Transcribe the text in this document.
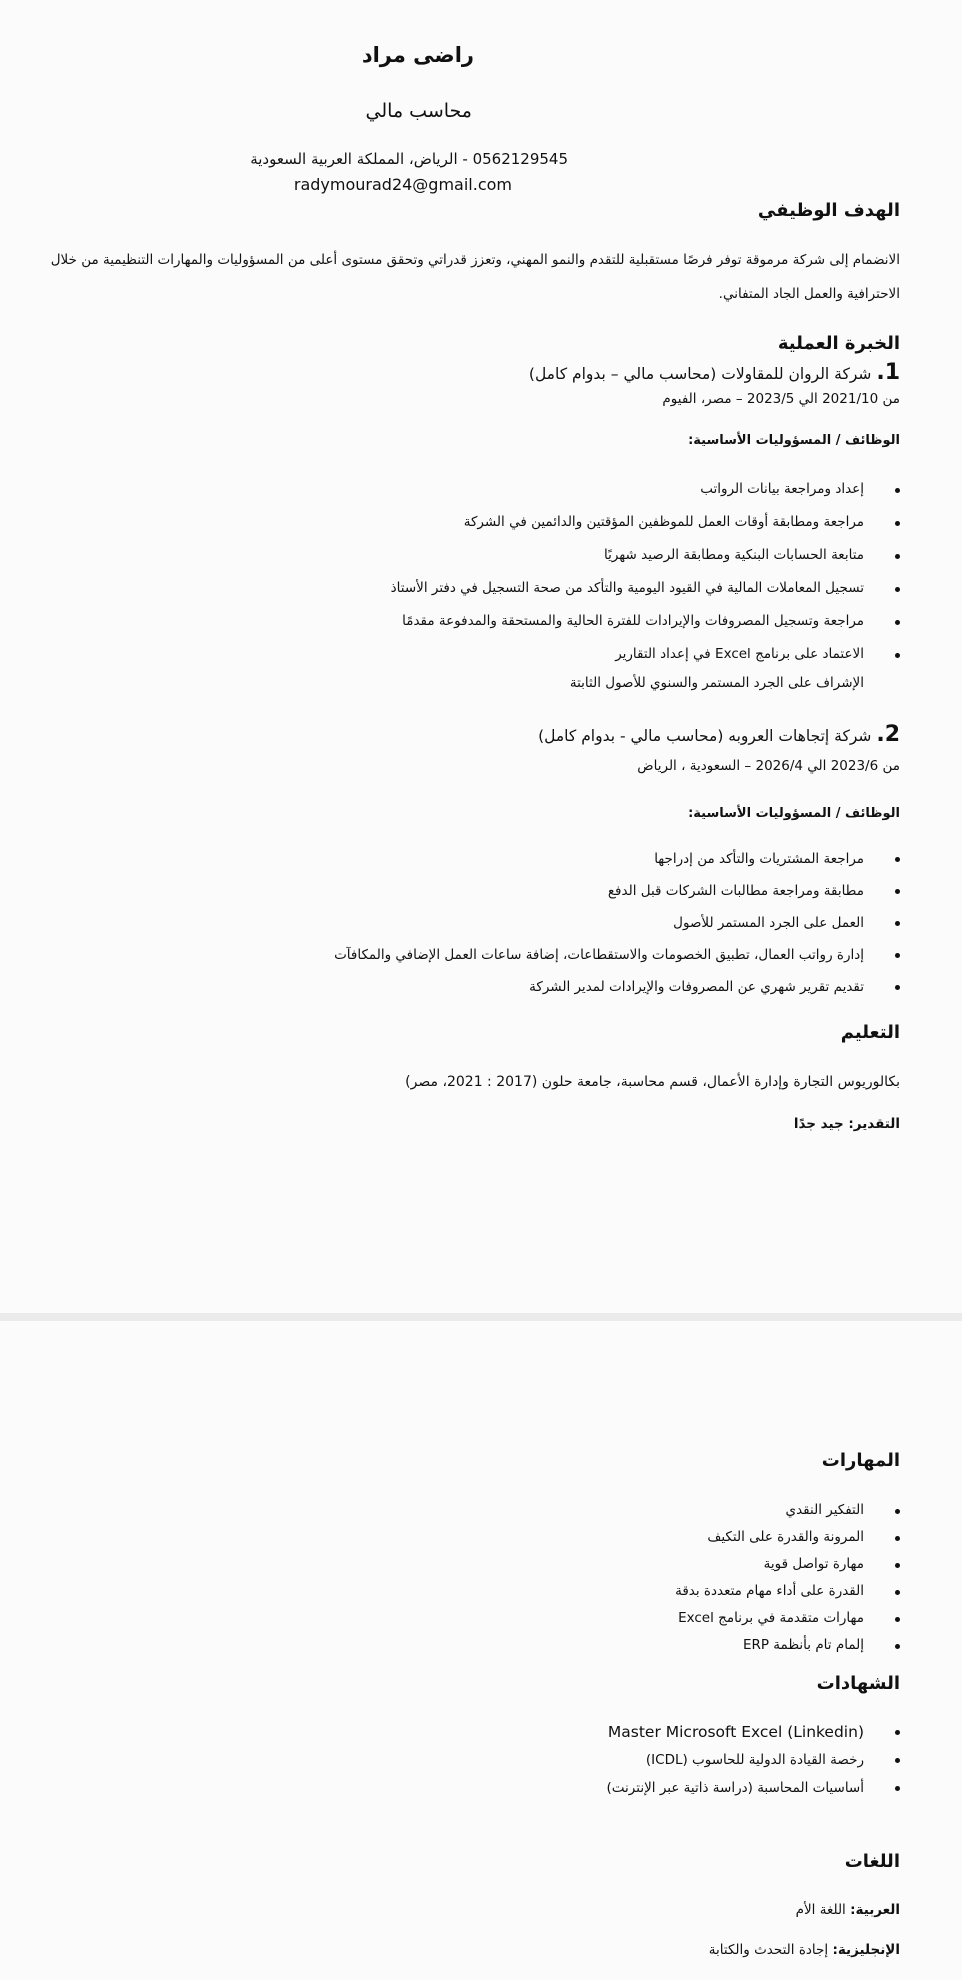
راضى مراد
محاسب مالي
0562129545 - الرياض، المملكة العربية السعودية
radymourad24@gmail.com
الهدف الوظيفي

الانضمام إلى شركة مرموقة توفر فرصًا مستقبلية للتقدم والنمو المهني، وتعزز قدراتي وتحقق مستوى أعلى من المسؤوليات والمهارات التنظيمية من خلال الاحترافية والعمل الجاد المتفاني.

الخبرة العملية
1. شركة الروان للمقاولات (محاسب مالي – بدوام كامل)
من 2021/10 الي 2023/5 – مصر، الفيوم
الوظائف / المسؤوليات الأساسية:
إعداد ومراجعة بيانات الرواتب
مراجعة ومطابقة أوقات العمل للموظفين المؤقتين والدائمين في الشركة
متابعة الحسابات البنكية ومطابقة الرصيد شهريًا
تسجيل المعاملات المالية في القيود اليومية والتأكد من صحة التسجيل في دفتر الأستاذ
مراجعة وتسجيل المصروفات والإيرادات للفترة الحالية والمستحقة والمدفوعة مقدمًا
الاعتماد على برنامج Excel في إعداد التقارير
الإشراف على الجرد المستمر والسنوي للأصول الثابتة
2. شركة إتجاهات العروبه (محاسب مالي - بدوام كامل)
من 2023/6 الي 2026/4 – السعودية ، الرياض
الوظائف / المسؤوليات الأساسية:
مراجعة المشتريات والتأكد من إدراجها
مطابقة ومراجعة مطالبات الشركات قبل الدفع
العمل على الجرد المستمر للأصول
إدارة رواتب العمال، تطبيق الخصومات والاستقطاعات، إضافة ساعات العمل الإضافي والمكافآت
تقديم تقرير شهري عن المصروفات والإيرادات لمدير الشركة
التعليم
بكالوريوس التجارة وإدارة الأعمال، قسم محاسبة، جامعة حلون (2017 : 2021، مصر)
التقدير: جيد جدًا
المهارات
التفكير النقدي
المرونة والقدرة على التكيف
مهارة تواصل قوية
القدرة على أداء مهام متعددة بدقة
مهارات متقدمة في برنامج Excel
إلمام تام بأنظمة ERP
الشهادات
Master Microsoft Excel (Linkedin)
رخصة القيادة الدولية للحاسوب (ICDL)
أساسيات المحاسبة (دراسة ذاتية عبر الإنترنت)
اللغات
العربية: اللغة الأم
الإنجليزية: إجادة التحدث والكتابة
